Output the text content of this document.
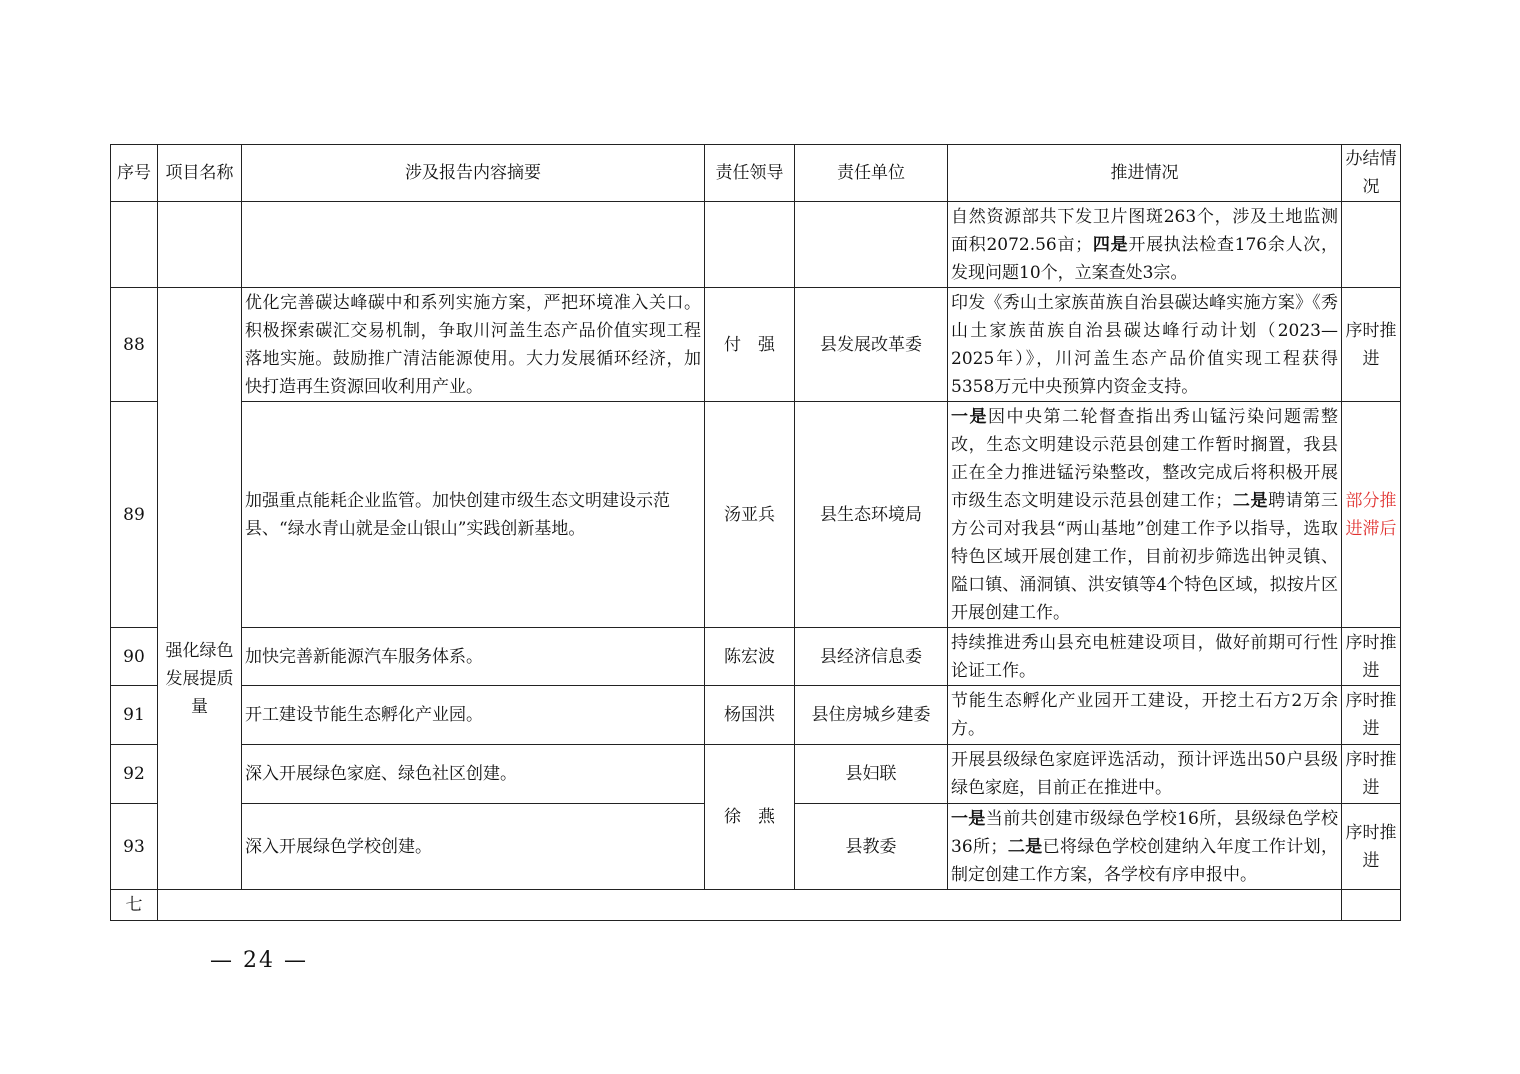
序号	项目名称	涉及报告内容摘要	责任领导	责任单位	推进情况	办结情况
					自然资源部共下发卫片图斑263个，涉及土地监测面积2072.56亩；四是开展执法检查176余人次，发现问题10个，立案查处3宗。	
88	强化绿色发展提质量	优化完善碳达峰碳中和系列实施方案，严把环境准入关口。积极探索碳汇交易机制，争取川河盖生态产品价值实现工程落地实施。鼓励推广清洁能源使用。大力发展循环经济，加快打造再生资源回收利用产业。	付　强	县发展改革委	印发《秀山土家族苗族自治县碳达峰实施方案》《秀山土家族苗族自治县碳达峰行动计划（2023—2025年）》，川河盖生态产品价值实现工程获得5358万元中央预算内资金支持。	序时推进
89		加强重点能耗企业监管。加快创建市级生态文明建设示范县、“绿水青山就是金山银山”实践创新基地。	汤亚兵	县生态环境局	一是因中央第二轮督查指出秀山锰污染问题需整改，生态文明建设示范县创建工作暂时搁置，我县正在全力推进锰污染整改，整改完成后将积极开展市级生态文明建设示范县创建工作；二是聘请第三方公司对我县“两山基地”创建工作予以指导，选取特色区域开展创建工作，目前初步筛选出钟灵镇、隘口镇、涌洞镇、洪安镇等4个特色区域，拟按片区开展创建工作。	部分推进滞后
90		加快完善新能源汽车服务体系。	陈宏波	县经济信息委	持续推进秀山县充电桩建设项目，做好前期可行性论证工作。	序时推进
91		开工建设节能生态孵化产业园。	杨国洪	县住房城乡建委	节能生态孵化产业园开工建设，开挖土石方2万余方。	序时推进
92		深入开展绿色家庭、绿色社区创建。	徐　燕	县妇联	开展县级绿色家庭评选活动，预计评选出50户县级绿色家庭，目前正在推进中。	序时推进
93		深入开展绿色学校创建。		县教委	一是当前共创建市级绿色学校16所，县级绿色学校36所；二是已将绿色学校创建纳入年度工作计划，制定创建工作方案，各学校有序申报中。	序时推进
七						
— 24 —
